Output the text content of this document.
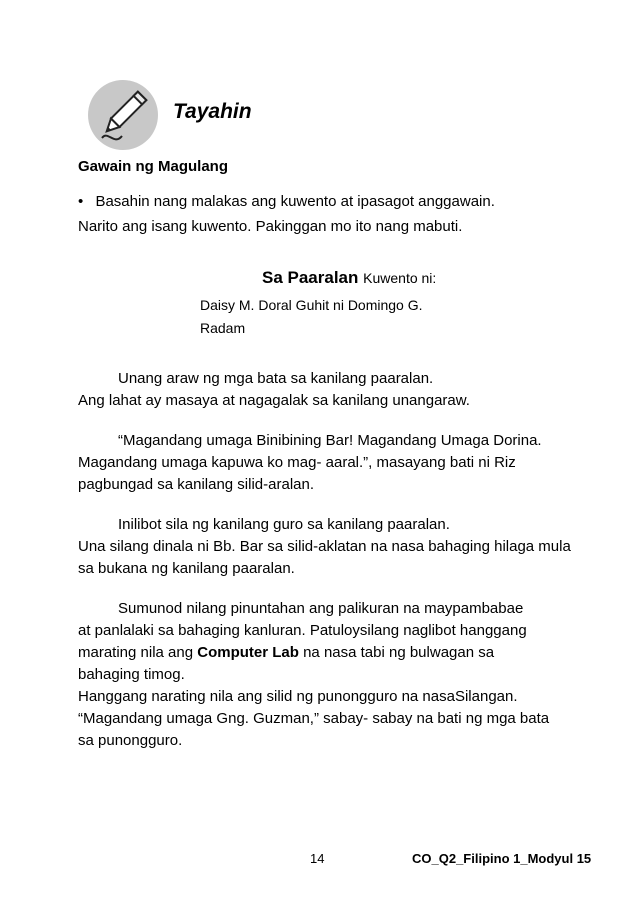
Tayahin
Gawain ng Magulang
• Basahin nang malakas ang kuwento at ipasagot anggawain.
Narito ang isang kuwento. Pakinggan mo ito nang mabuti.
Sa Paaralan Kuwento ni:
Daisy M. Doral Guhit ni Domingo G.
Radam
Unang araw ng mga bata sa kanilang paaralan.
Ang lahat ay masaya at nagagalak sa kanilang unangaraw.
“Magandang umaga Binibining Bar! Magandang Umaga Dorina.
Magandang umaga kapuwa ko mag- aaral.”, masayang bati ni Riz
pagbungad sa kanilang silid-aralan.
Inilibot sila ng kanilang guro sa kanilang paaralan.
Una silang dinala ni Bb. Bar sa silid-aklatan na nasa bahaging hilaga mula
sa bukana ng kanilang paaralan.
Sumunod nilang pinuntahan ang palikuran na maypambabae
at panlalaki sa bahaging kanluran. Patuloysilang naglibot hanggang
marating nila ang Computer Lab na nasa tabi ng bulwagan sa
bahaging timog.
Hanggang narating nila ang silid ng punongguro na nasaSilangan.
“Magandang umaga Gng. Guzman,” sabay- sabay na bati ng mga bata
sa punongguro.
14	CO_Q2_Filipino 1_Modyul 15
